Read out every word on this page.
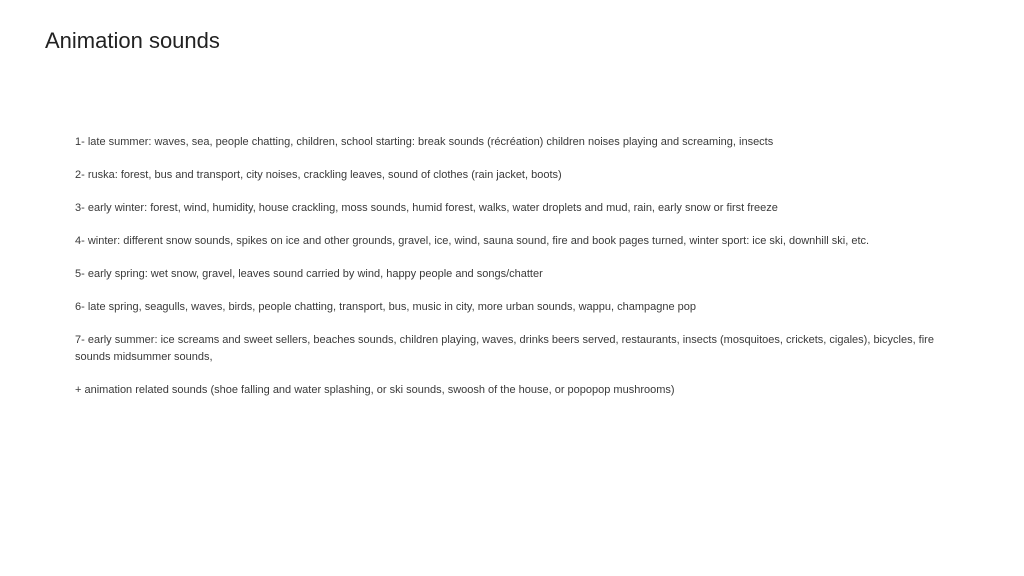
Animation sounds
1- late summer: waves, sea, people chatting, children, school starting: break sounds (récréation) children noises playing and screaming, insects
2- ruska: forest, bus and transport, city noises, crackling leaves, sound of clothes (rain jacket, boots)
3- early winter: forest, wind, humidity, house crackling, moss sounds, humid forest, walks, water droplets and mud, rain, early snow or first freeze
4- winter: different snow sounds, spikes on ice and other grounds, gravel, ice, wind, sauna sound, fire and book pages turned, winter sport: ice ski, downhill ski, etc.
5- early spring: wet snow, gravel, leaves sound carried by wind, happy people and songs/chatter
6- late spring, seagulls, waves, birds, people chatting, transport, bus, music in city, more urban sounds, wappu, champagne pop
7- early summer: ice screams and sweet sellers, beaches sounds, children playing, waves, drinks beers served, restaurants, insects (mosquitoes, crickets, cigales), bicycles, fire sounds midsummer sounds,
+ animation related sounds (shoe falling and water splashing, or ski sounds, swoosh of the house, or popopop mushrooms)
